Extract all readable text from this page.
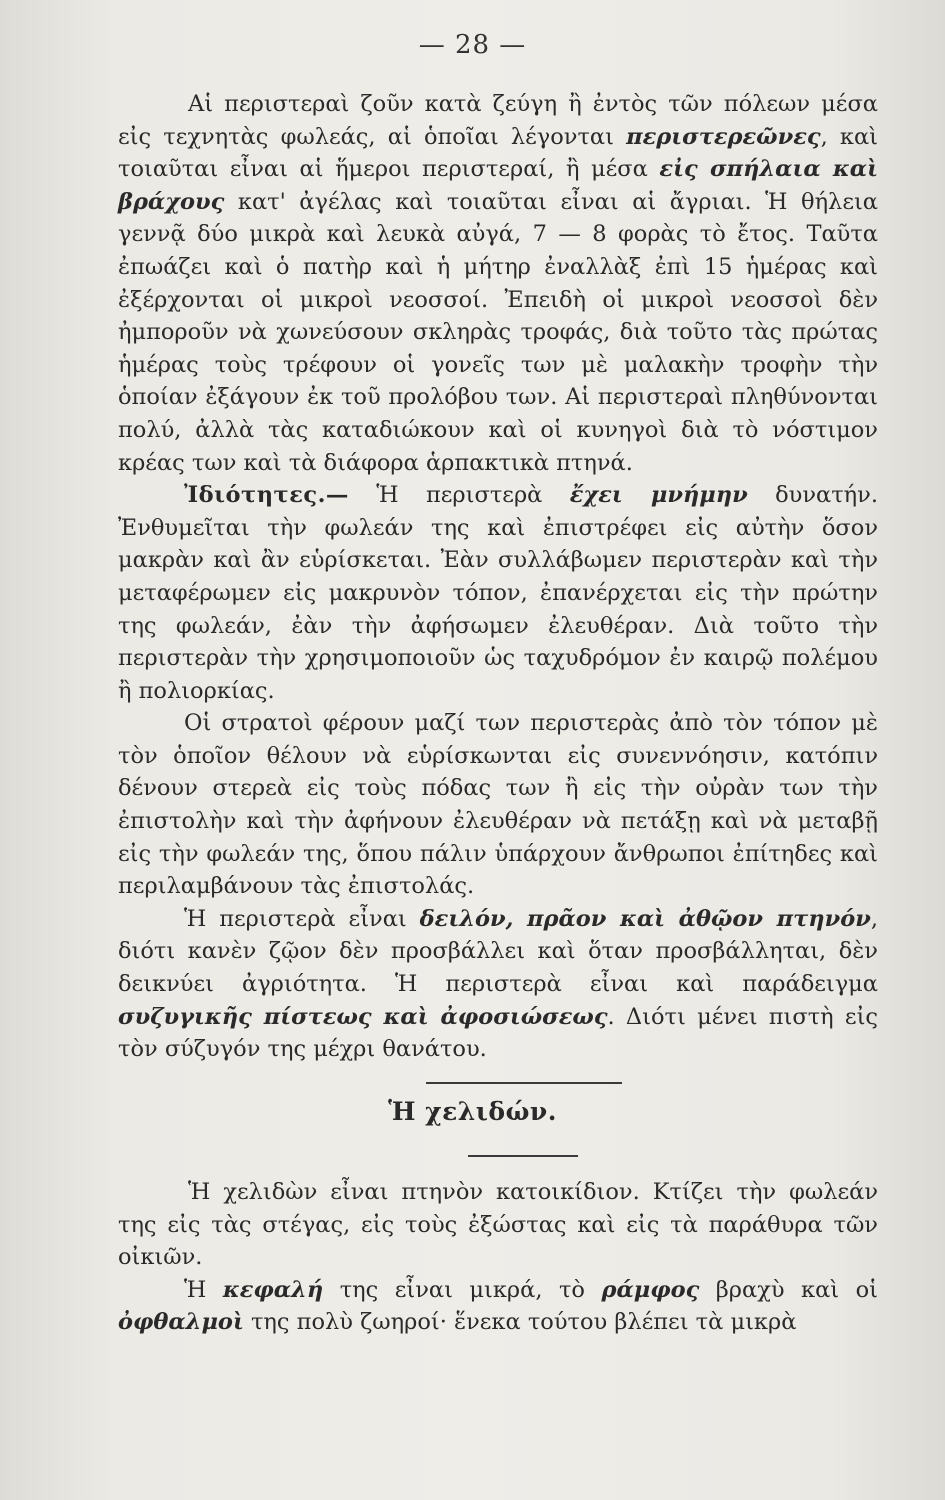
— 28 —

Αἱ περιστεραὶ ζοῦν κατὰ ζεύγη ἢ ἐντὸς τῶν πόλεων μέσα εἰς τεχνητὰς φωλεάς, αἱ ὁποῖαι λέγονται περιστερεῶνες, καὶ τοιαῦται εἶναι αἱ ἥμεροι περιστεραί, ἢ μέσα εἰς σπήλαια καὶ βράχους κατ' ἀγέλας καὶ τοιαῦται εἶναι αἱ ἄγριαι. Ἡ θήλεια γεννᾷ δύο μικρὰ καὶ λευκὰ αὐγά, 7 — 8 φορὰς τὸ ἔτος. Ταῦτα ἐπωάζει καὶ ὁ πατὴρ καὶ ἡ μήτηρ ἐναλλὰξ ἐπὶ 15 ἡμέρας καὶ ἐξέρχονται οἱ μικροὶ νεοσσοί. Ἐπειδὴ οἱ μικροὶ νεοσσοὶ δὲν ἠμποροῦν νὰ χωνεύσουν σκληρὰς τροφάς, διὰ τοῦτο τὰς πρώτας ἡμέρας τοὺς τρέφουν οἱ γονεῖς των μὲ μαλακὴν τροφὴν τὴν ὁποίαν ἐξάγουν ἐκ τοῦ προλόβου των. Αἱ περιστεραὶ πληθύνονται πολύ, ἀλλὰ τὰς καταδιώκουν καὶ οἱ κυνηγοὶ διὰ τὸ νόστιμον κρέας των καὶ τὰ διάφορα ἁρπακτικὰ πτηνά.

Ἰδιότητες.— Ἡ περιστερὰ ἔχει μνήμην δυνατήν. Ἐνθυμεῖται τὴν φωλεάν της καὶ ἐπιστρέφει εἰς αὐτὴν ὅσον μακρὰν καὶ ἂν εὑρίσκεται. Ἐὰν συλλάβωμεν περιστερὰν καὶ τὴν μεταφέρωμεν εἰς μακρυνὸν τόπον, ἐπανέρχεται εἰς τὴν πρώτην της φωλεάν, ἐὰν τὴν ἀφήσωμεν ἐλευθέραν. Διὰ τοῦτο τὴν περιστερὰν τὴν χρησιμοποιοῦν ὡς ταχυδρόμον ἐν καιρῷ πολέμου ἢ πολιορκίας.

Οἱ στρατοὶ φέρουν μαζί των περιστερὰς ἀπὸ τὸν τόπον μὲ τὸν ὁποῖον θέλουν νὰ εὑρίσκωνται εἰς συνεννόησιν, κατόπιν δένουν στερεὰ εἰς τοὺς πόδας των ἢ εἰς τὴν οὐρὰν των τὴν ἐπιστολὴν καὶ τὴν ἀφήνουν ἐλευθέραν νὰ πετάξῃ καὶ νὰ μεταβῇ εἰς τὴν φωλεάν της, ὅπου πάλιν ὑπάρχουν ἄνθρωποι ἐπίτηδες καὶ περιλαμβάνουν τὰς ἐπιστολάς.

Ἡ περιστερὰ εἶναι δειλόν, πρᾶον καὶ ἀθῷον πτηνόν, διότι κανὲν ζῷον δὲν προσβάλλει καὶ ὅταν προσβάλληται, δὲν δεικνύει ἀγριότητα. Ἡ περιστερὰ εἶναι καὶ παράδειγμα συζυγικῆς πίστεως καὶ ἀφοσιώσεως. Διότι μένει πιστὴ εἰς τὸν σύζυγόν της μέχρι θανάτου.

Ἡ χελιδών.

Ἡ χελιδὼν εἶναι πτηνὸν κατοικίδιον. Κτίζει τὴν φωλεάν της εἰς τὰς στέγας, εἰς τοὺς ἐξώστας καὶ εἰς τὰ παράθυρα τῶν οἰκιῶν.

Ἡ κεφαλή της εἶναι μικρά, τὸ ράμφος βραχὺ καὶ οἱ ὀφθαλμοὶ της πολὺ ζωηροί· ἕνεκα τούτου βλέπει τὰ μικρὰ
